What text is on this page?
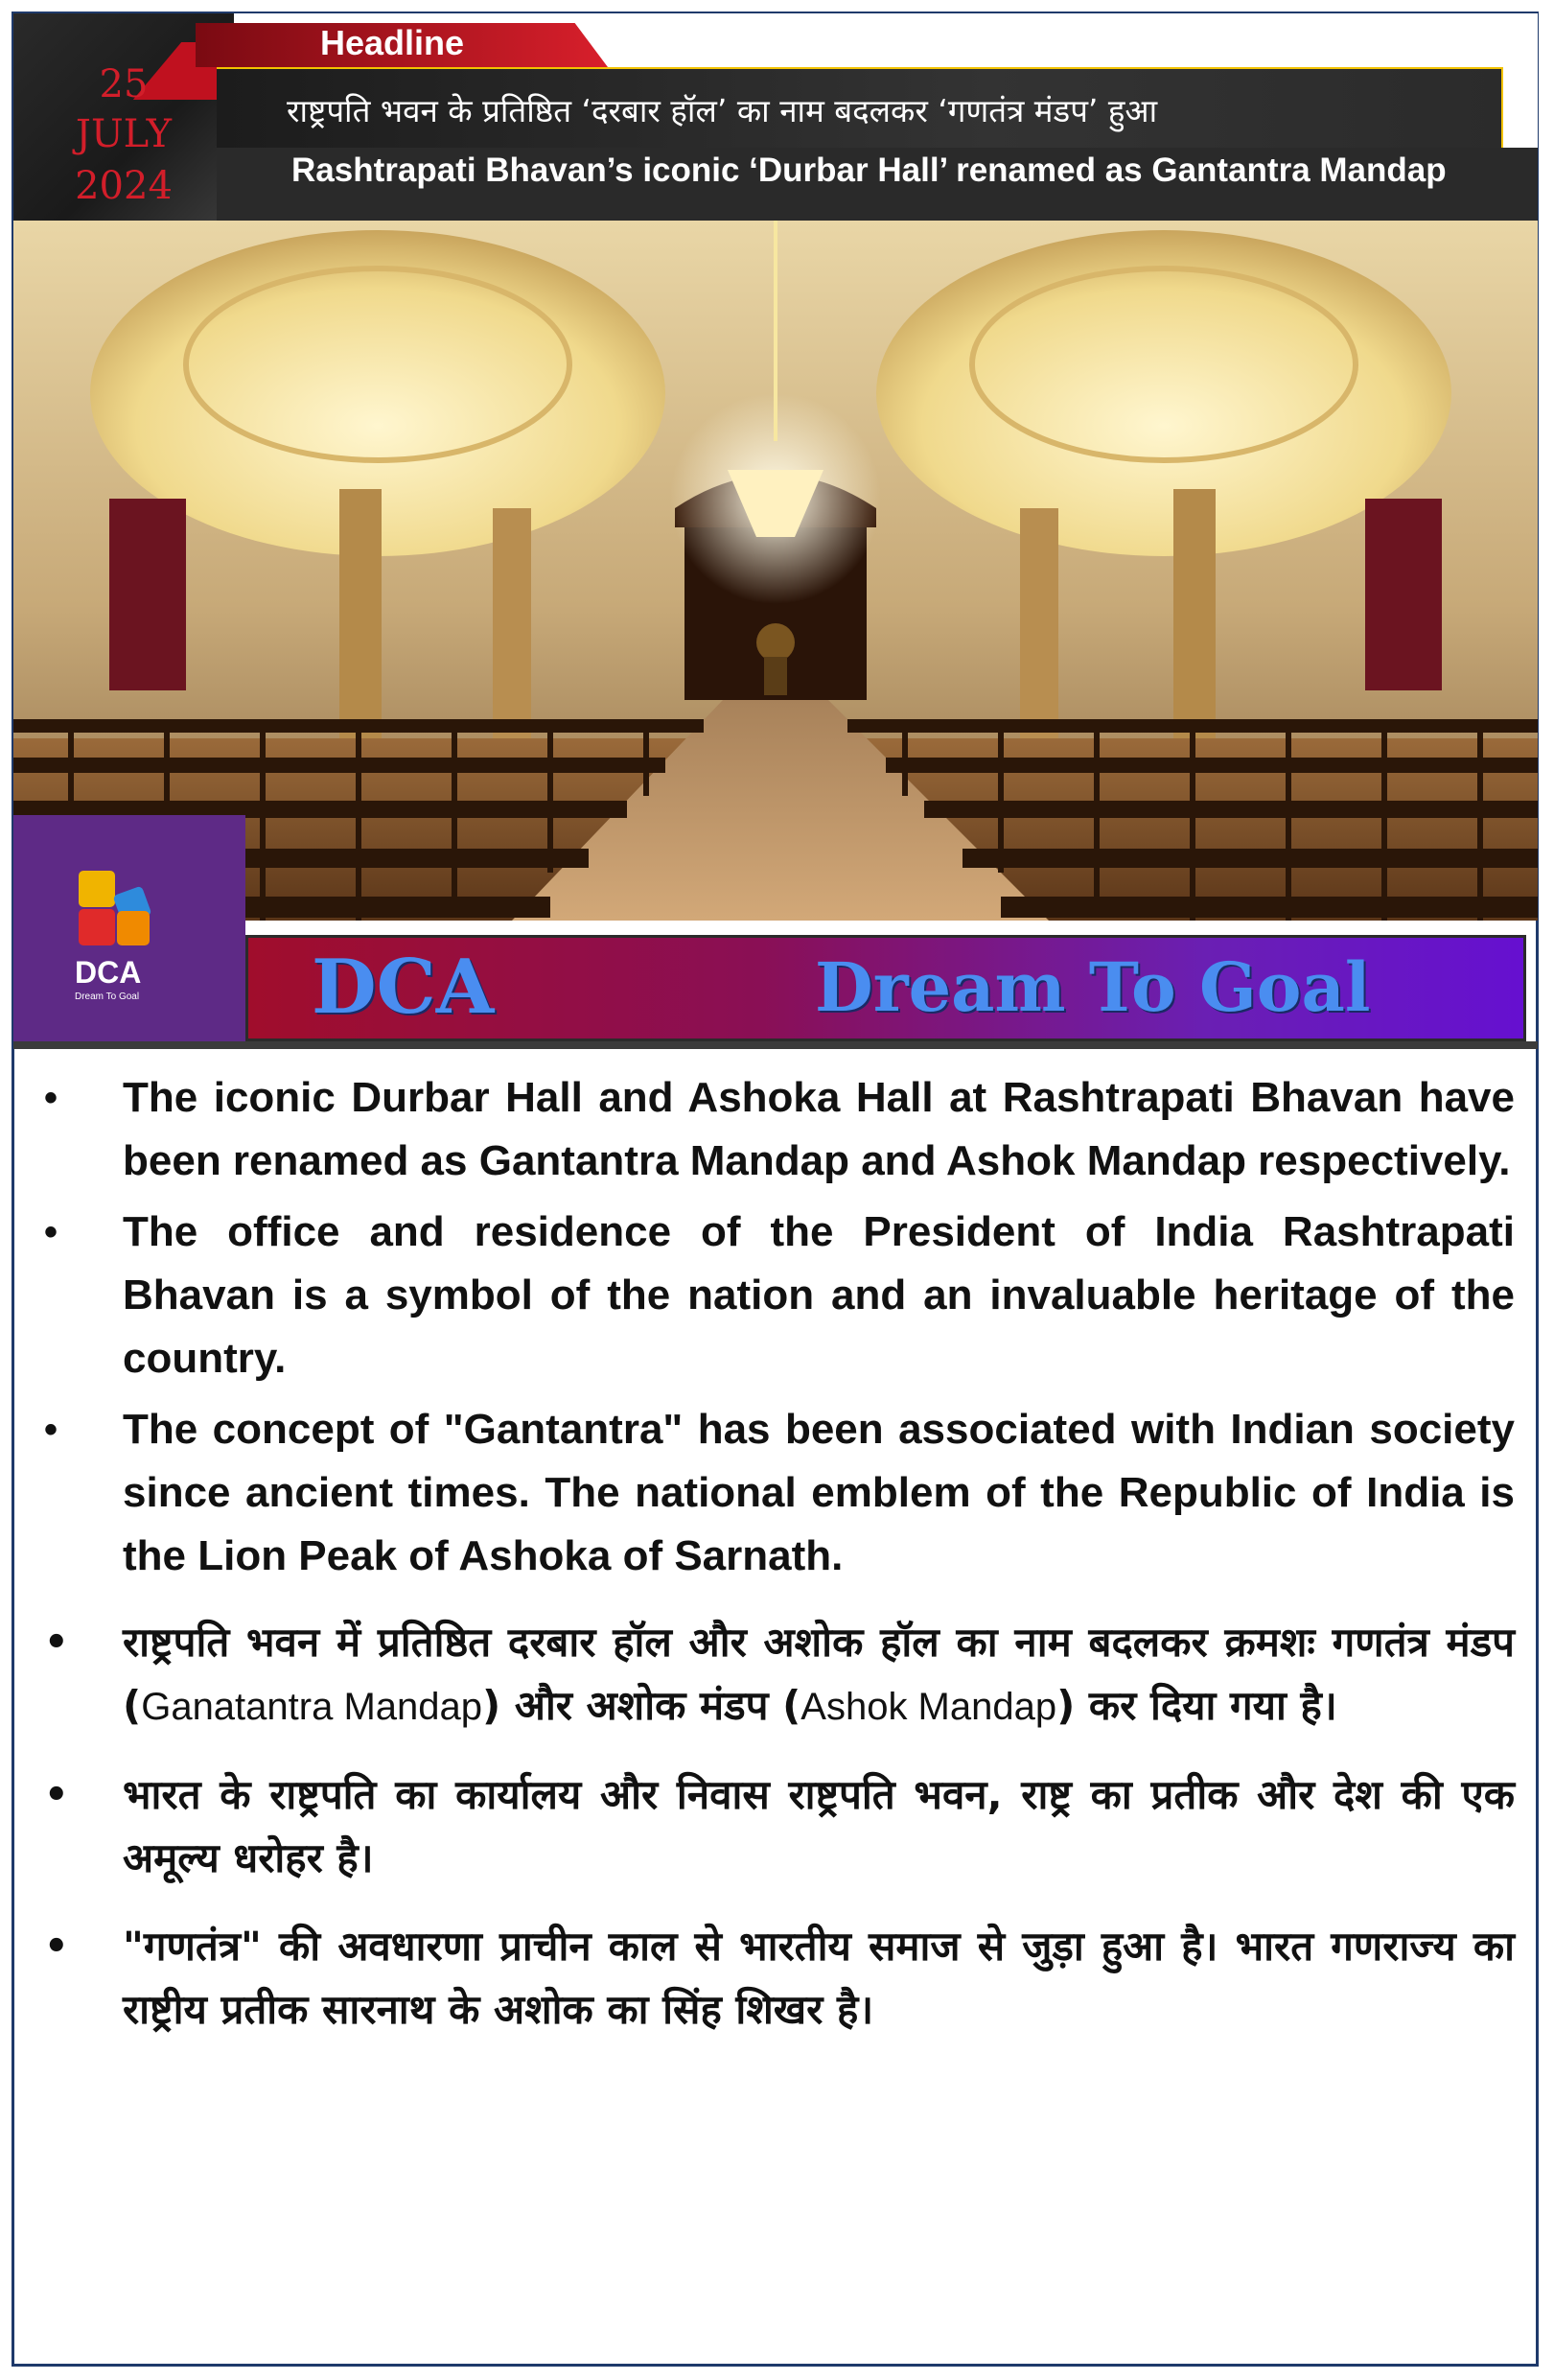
25
JULY
2024
Headline
राष्ट्रपति भवन के प्रतिष्ठित ‘दरबार हॉल’ का नाम बदलकर ‘गणतंत्र मंडप’ हुआ
Rashtrapati Bhavan’s iconic ‘Durbar Hall’ renamed as Gantantra Mandap
DCA
Dream To Goal DCA	Dream To Goal

• The iconic Durbar Hall and Ashoka Hall at Rashtrapati Bhavan have been renamed as Gantantra Mandap and Ashok Mandap respectively.

• The office and residence of the President of India Rashtrapati Bhavan is a symbol of the nation and an invaluable heritage of the country.

• The concept of "Gantantra" has been associated with Indian society since ancient times. The national emblem of the Republic of India is the Lion Peak of Ashoka of Sarnath.

• राष्ट्रपति भवन में प्रतिष्ठित दरबार हॉल और अशोक हॉल का नाम बदलकर क्रमशः गणतंत्र मंडप (Ganatantra Mandap) और अशोक मंडप (Ashok Mandap) कर दिया गया है।

• भारत के राष्ट्रपति का कार्यालय और निवास राष्ट्रपति भवन, राष्ट्र का प्रतीक और देश की एक अमूल्य धरोहर है।

• "गणतंत्र" की अवधारणा प्राचीन काल से भारतीय समाज से जुड़ा हुआ है। भारत गणराज्य का राष्ट्रीय प्रतीक सारनाथ के अशोक का सिंह शिखर है।
